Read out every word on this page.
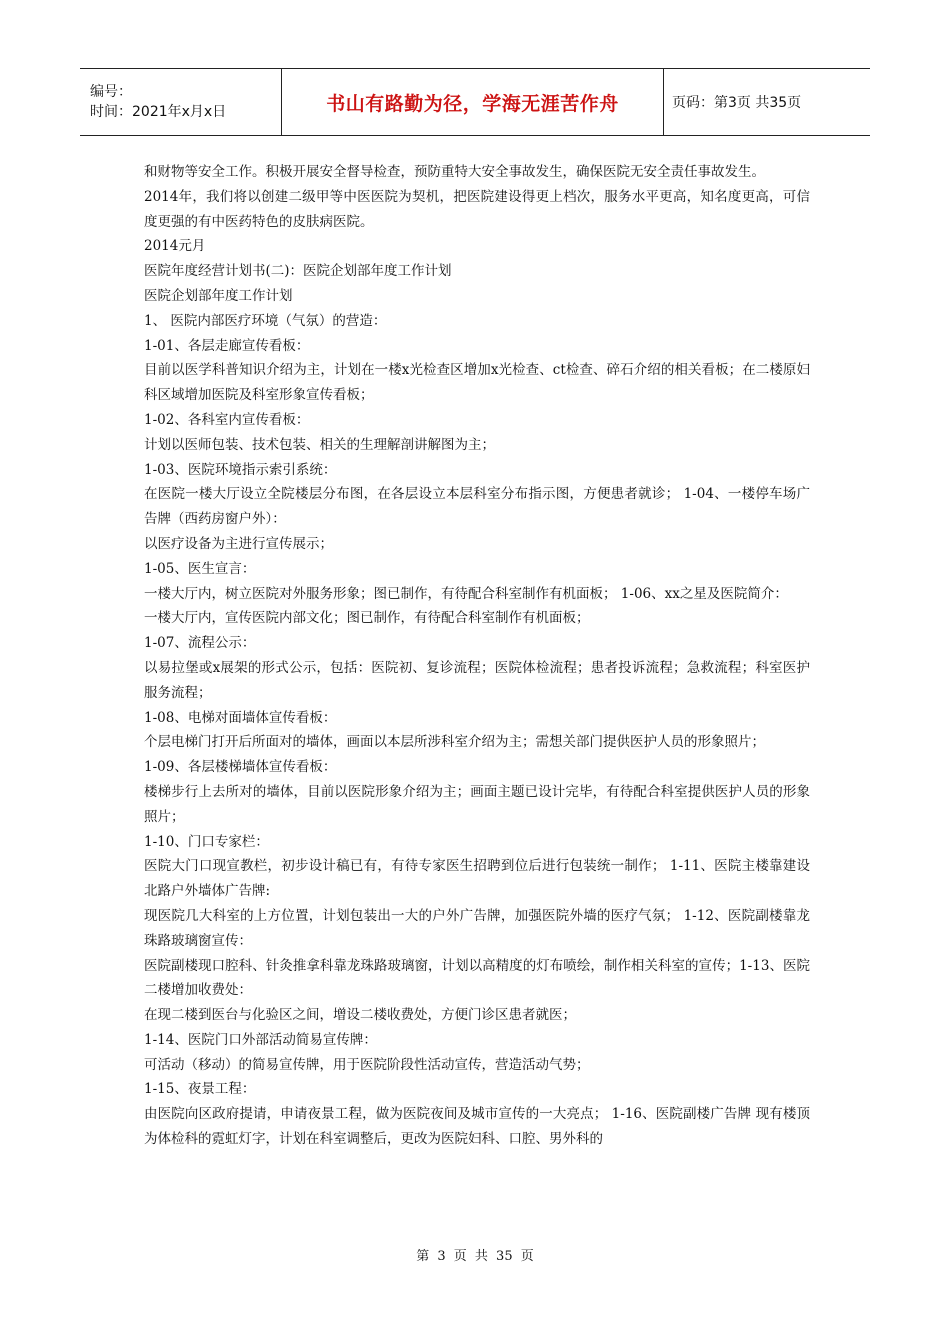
编号：
时间：2021年x月x日	书山有路勤为径，学海无涯苦作舟	页码：第3页 共35页

和财物等安全工作。积极开展安全督导检查，预防重特大安全事故发生，确保医院无安全责任事故发生。

2014年，我们将以创建二级甲等中医医院为契机，把医院建设得更上档次，服务水平更高，知名度更高，可信度更强的有中医药特色的皮肤病医院。

2014元月

医院年度经营计划书(二)：医院企划部年度工作计划

医院企划部年度工作计划

1、 医院内部医疗环境（气氛）的营造：

1-01、各层走廊宣传看板：

目前以医学科普知识介绍为主，计划在一楼x光检查区增加x光检查、ct检查、碎石介绍的相关看板；在二楼原妇科区域增加医院及科室形象宣传看板；

1-02、各科室内宣传看板：

计划以医师包装、技术包装、相关的生理解剖讲解图为主；

1-03、医院环境指示索引系统：

在医院一楼大厅设立全院楼层分布图，在各层设立本层科室分布指示图，方便患者就诊； 1-04、一楼停车场广告牌（西药房窗户外）：

以医疗设备为主进行宣传展示；

1-05、医生宣言：

一楼大厅内，树立医院对外服务形象；图已制作，有待配合科室制作有机面板； 1-06、xx之星及医院简介：

一楼大厅内，宣传医院内部文化；图已制作，有待配合科室制作有机面板；

1-07、流程公示：

以易拉堡或x展架的形式公示，包括：医院初、复诊流程；医院体检流程；患者投诉流程；急救流程；科室医护服务流程；

1-08、电梯对面墙体宣传看板：

个层电梯门打开后所面对的墙体，画面以本层所涉科室介绍为主；需想关部门提供医护人员的形象照片；

1-09、各层楼梯墙体宣传看板：

楼梯步行上去所对的墙体，目前以医院形象介绍为主；画面主题已设计完毕，有待配合科室提供医护人员的形象照片；

1-10、门口专家栏：

医院大门口现宣教栏，初步设计稿已有，有待专家医生招聘到位后进行包装统一制作； 1-11、医院主楼靠建设北路户外墙体广告牌:

现医院几大科室的上方位置，计划包装出一大的户外广告牌，加强医院外墙的医疗气氛； 1-12、医院副楼靠龙珠路玻璃窗宣传：

医院副楼现口腔科、针灸推拿科靠龙珠路玻璃窗，计划以高精度的灯布喷绘，制作相关科室的宣传；1-13、医院二楼增加收费处：

在现二楼到医台与化验区之间，增设二楼收费处，方便门诊区患者就医；

1-14、医院门口外部活动简易宣传牌：

可活动（移动）的简易宣传牌，用于医院阶段性活动宣传，营造活动气势；

1-15、夜景工程：

由医院向区政府提请，申请夜景工程，做为医院夜间及城市宣传的一大亮点； 1-16、医院副楼广告牌 现有楼顶为体检科的霓虹灯字，计划在科室调整后，更改为医院妇科、口腔、男外科的

第 3 页 共 35 页
